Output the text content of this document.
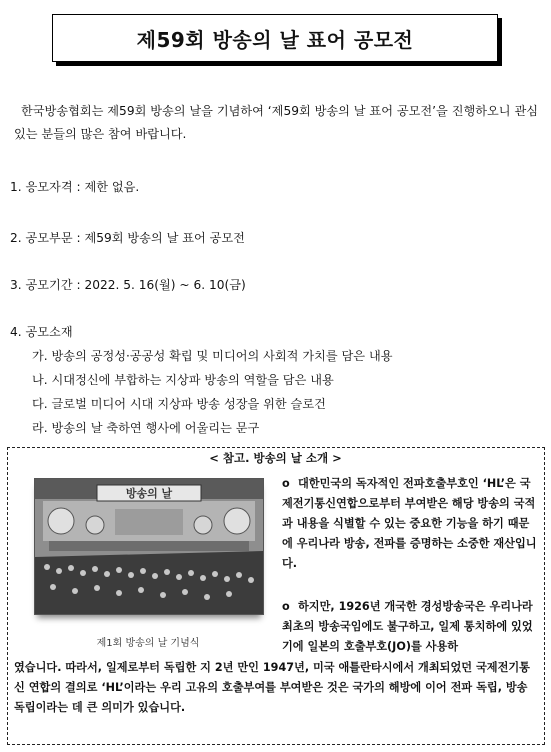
제59회 방송의 날 표어 공모전
한국방송협회는 제59회 방송의 날을 기념하여 ‘제59회 방송의 날 표어 공모전’을 진행하오니 관심 있는 분들의 많은 참여 바랍니다.
1. 응모자격 : 제한 없음.
2. 공모부문 : 제59회 방송의 날 표어 공모전
3. 공모기간 : 2022. 5. 16(월) ~ 6. 10(금)
4. 공모소재
가. 방송의 공정성·공공성 확립 및 미디어의 사회적 가치를 담은 내용
나. 시대정신에 부합하는 지상파 방송의 역할을 담은 내용
다. 글로벌 미디어 시대 지상파 방송 성장을 위한 슬로건
라. 방송의 날 축하연 행사에 어울리는 문구
< 참고. 방송의 날 소개 >
방송의 날
제1회 방송의 날 기념식
o 대한민국의 독자적인 전파호출부호인 ‘HL’은 국제전기통신연합으로부터 부여받은 해당 방송의 국적과 내용을 식별할 수 있는 중요한 기능을 하기 때문에 우리나라 방송, 전파를 증명하는 소중한 재산입니다.
o 하지만, 1926년 개국한 경성방송국은 우리나라 최초의 방송국임에도 불구하고, 일제 통치하에 있었기에 일본의 호출부호(JO)를 사용하
였습니다. 따라서, 일제로부터 독립한 지 2년 만인 1947년, 미국 애틀란타시에서 개최되었던 국제전기통신 연합의 결의로 ‘HL’이라는 우리 고유의 호출부여를 부여받은 것은 국가의 해방에 이어 전파 독립, 방송 독립이라는 데 큰 의미가 있습니다.
